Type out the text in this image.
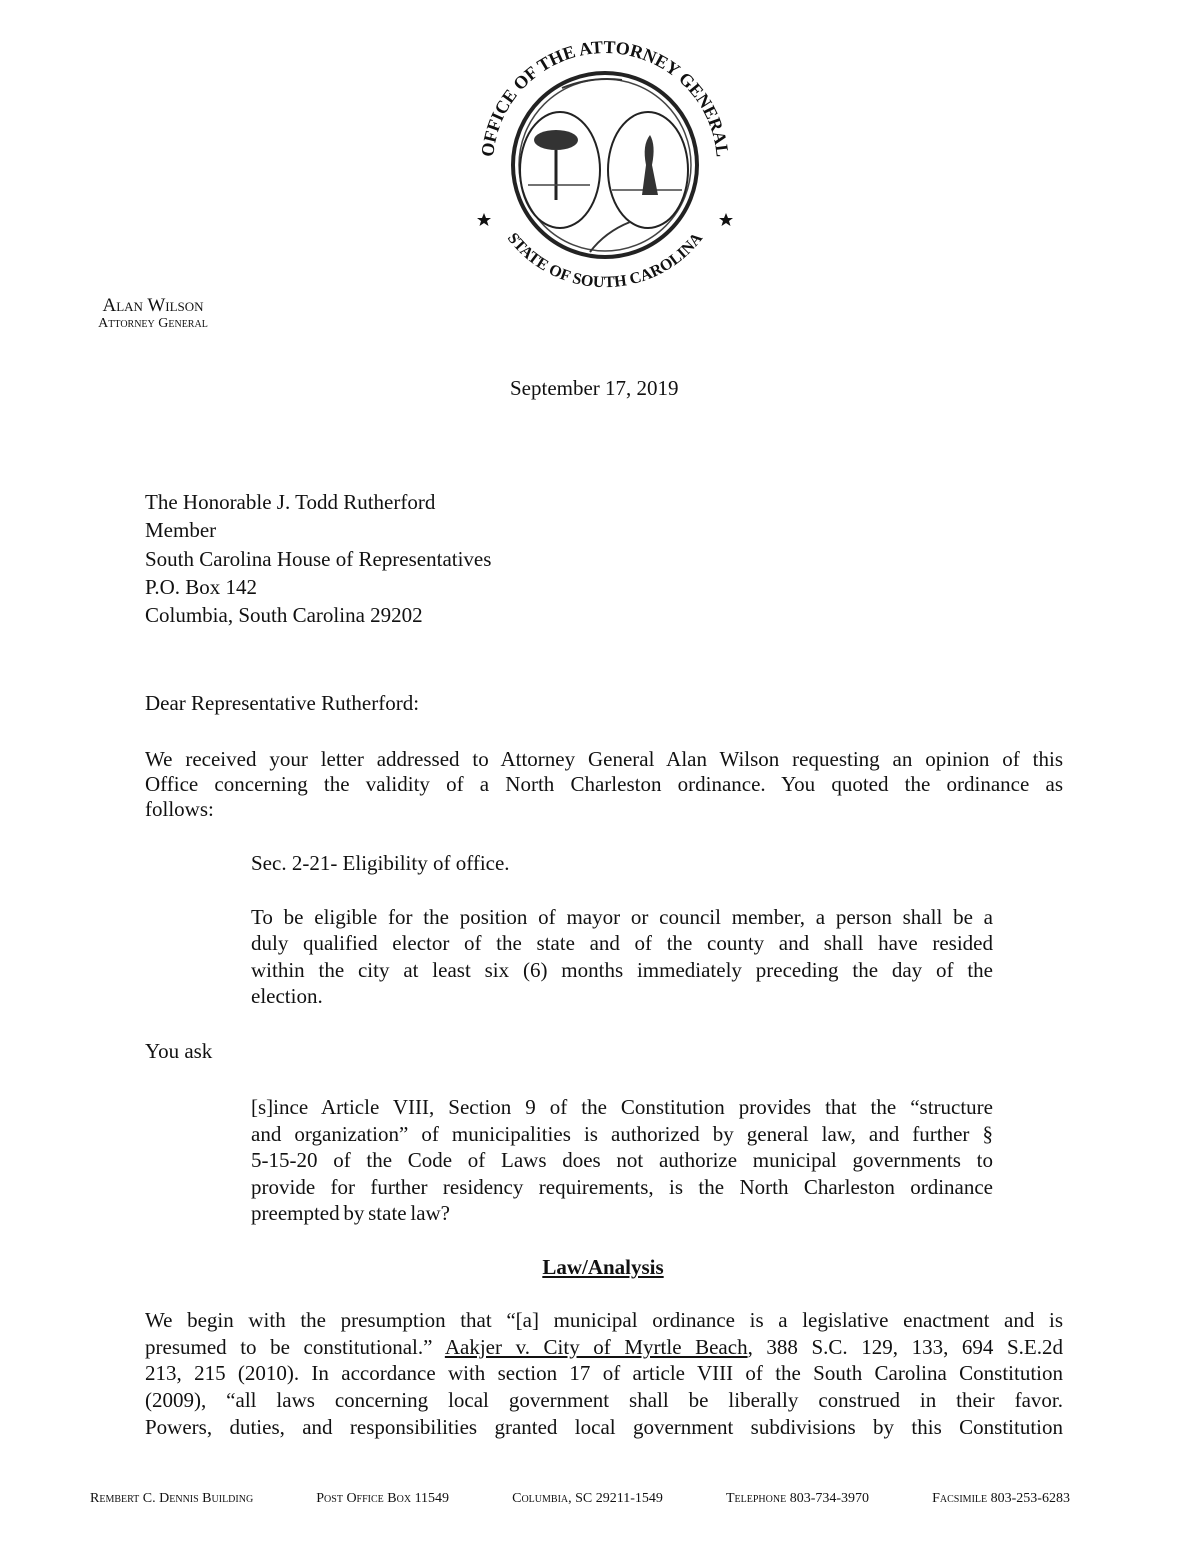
OFFICE OF THE ATTORNEY GENERAL
STATE OF SOUTH CAROLINA
Alan Wilson
Attorney General
September 17, 2019
The Honorable J. Todd Rutherford
Member
South Carolina House of Representatives
P.O. Box 142
Columbia, South Carolina 29202
Dear Representative Rutherford:
We received your letter addressed to Attorney General Alan Wilson requesting an opinion of this
Office concerning the validity of a North Charleston ordinance. You quoted the ordinance as
follows:
Sec. 2-21- Eligibility of office.
To be eligible for the position of mayor or council member, a person shall be a
duly qualified elector of the state and of the county and shall have resided
within the city at least six (6) months immediately preceding the day of the
election.
You ask
[s]ince Article VIII, Section 9 of the Constitution provides that the “structure
and organization” of municipalities is authorized by general law, and further §
5-15-20 of the Code of Laws does not authorize municipal governments to
provide for further residency requirements, is the North Charleston ordinance
preempted by state law?
Law/Analysis
We begin with the presumption that “[a] municipal ordinance is a legislative enactment and is
presumed to be constitutional.” Aakjer v. City of Myrtle Beach, 388 S.C. 129, 133, 694 S.E.2d
213, 215 (2010). In accordance with section 17 of article VIII of the South Carolina Constitution
(2009), “all laws concerning local government shall be liberally construed in their favor.
Powers, duties, and responsibilities granted local government subdivisions by this Constitution
Rembert C. Dennis Building	Post Office Box 11549	Columbia, SC 29211-1549	Telephone 803-734-3970	Facsimile 803-253-6283
